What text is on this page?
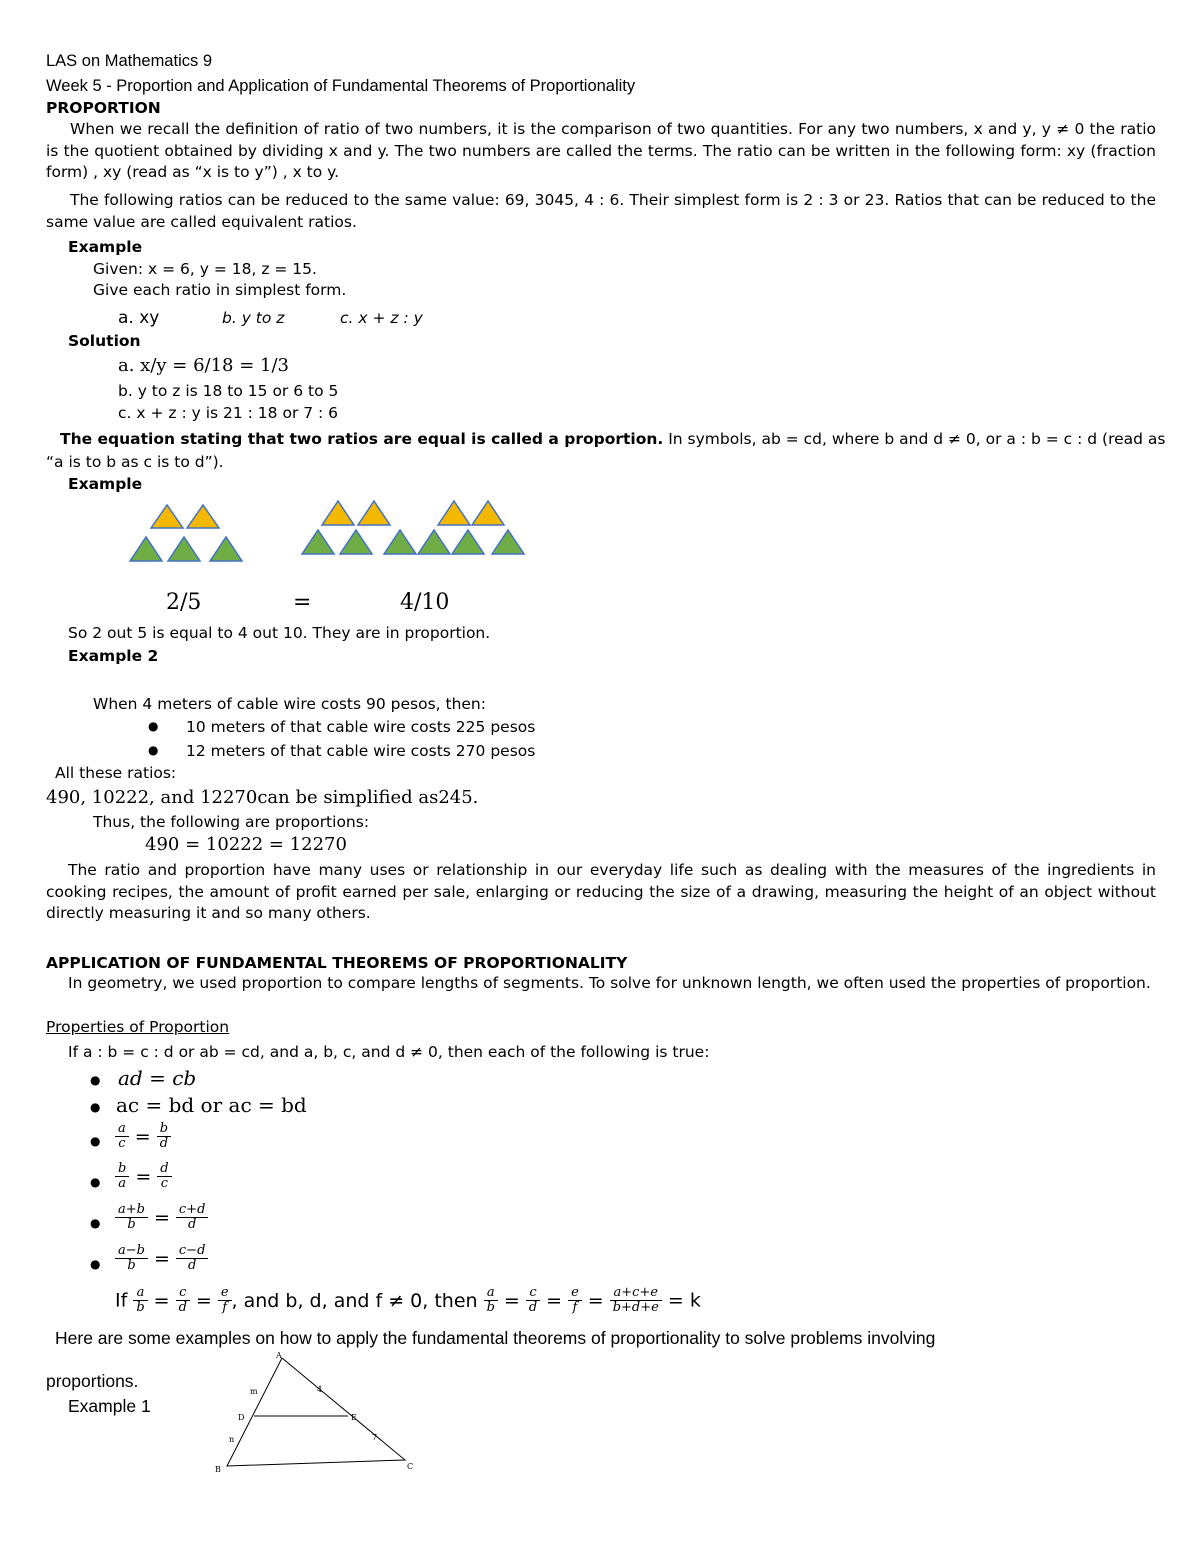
LAS on Mathematics 9
Week 5 - Proportion and Application of Fundamental Theorems of Proportionality
PROPORTION
When we recall the definition of ratio of two numbers, it is the comparison of two quantities. For any two numbers, x and y, y ≠ 0 the ratio is the quotient obtained by dividing x and y. The two numbers are called the terms. The ratio can be written in the following form: xy (fraction form) , xy (read as “x is to y”) , x to y.
The following ratios can be reduced to the same value: 69, 3045, 4 : 6. Their simplest form is 2 : 3 or 23. Ratios that can be reduced to the same value are called equivalent ratios.
Example
Given: x = 6, y = 18, z = 15.
Give each ratio in simplest form.
a. xy	b. y to z	c. x + z : y
Solution
a. x/y = 6/18 = 1/3
b. y to z is 18 to 15 or 6 to 5
c. x + z : y is 21 : 18 or 7 : 6
The equation stating that two ratios are equal is called a proportion. In symbols, ab = cd, where b and d ≠ 0, or a : b = c : d (read as
“a is to b as c is to d”).
Example
2/5	=	4/10
So 2 out 5 is equal to 4 out 10. They are in proportion.
Example 2
When 4 meters of cable wire costs 90 pesos, then:
● 10 meters of that cable wire costs 225 pesos
● 12 meters of that cable wire costs 270 pesos
All these ratios:
490, 10222, and 12270can be simplified as245.
Thus, the following are proportions:
490 = 10222 = 12270
The ratio and proportion have many uses or relationship in our everyday life such as dealing with the measures of the ingredients in cooking recipes, the amount of profit earned per sale, enlarging or reducing the size of a drawing, measuring the height of an object without directly measuring it and so many others.
APPLICATION OF FUNDAMENTAL THEOREMS OF PROPORTIONALITY
In geometry, we used proportion to compare lengths of segments. To solve for unknown length, we often used the properties of proportion.
Properties of Proportion
If a : b = c : d or ab = cd, and a, b, c, and d ≠ 0, then each of the following is true:
● ad = cb
● ac = bd or ac = bd
● $\frac{a}{c} = \frac{b}{d}$
● $\frac{b}{a} = \frac{d}{c}$
● $\frac{a+b}{b} = \frac{c+d}{d}$
● $\frac{a-b}{b} = \frac{c-d}{d}$
If $\frac{a}{b} = \frac{c}{d} = \frac{e}{f}$ , and b, d, and f ≠ 0, then $\frac{a}{b} = \frac{c}{d} = \frac{e}{f} = \frac{a+c+e}{b+d+e} = k$
Here are some examples on how to apply the fundamental theorems of proportionality to solve problems involving
proportions.
Example 1
A
B	C
D	E
m
n
4
7
